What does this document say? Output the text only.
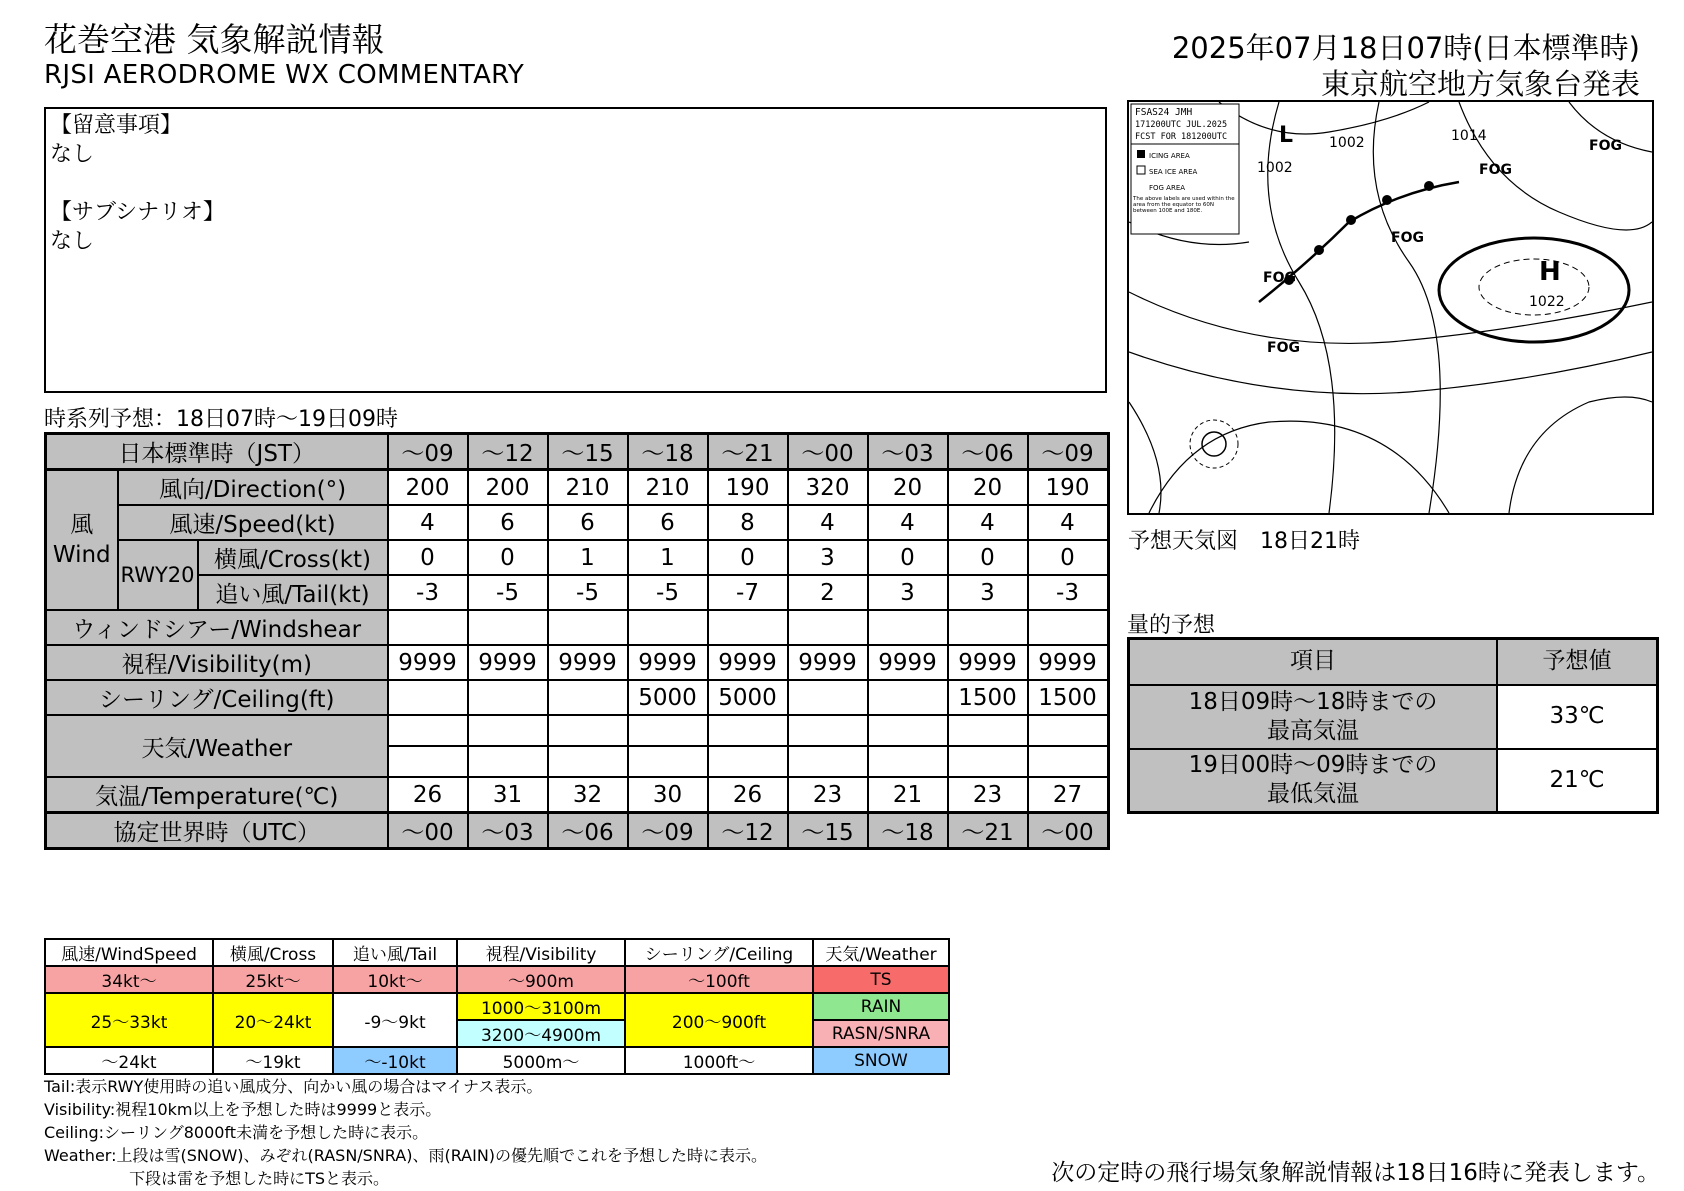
花巻空港 気象解説情報
RJSI AERODROME WX COMMENTARY
2025年07月18日07時(日本標準時)
東京航空地方気象台発表

【留意事項】

なし

【サブシナリオ】

なし

時系列予想：18日07時～19日09時
日本標準時（JST）			～09	～12	～15	～18	～21	～00	～03	～06	～09
風
Wind	風向/Direction(°)		200	200	210	210	190	320	20	20	190
	風速/Speed(kt)		4	6	6	6	8	4	4	4	4
	RWY20	横風/Cross(kt)	0	0	1	1	0	3	0	0	0
		追い風/Tail(kt)	-3	-5	-5	-5	-7	2	3	3	-3
ウィンドシアー/Windshear											
視程/Visibility(m)			9999	9999	9999	9999	9999	9999	9999	9999	9999
シーリング/Ceiling(ft)						5000	5000			1500	1500
天気/Weather											

気温/Temperature(℃)			26	31	32	30	26	23	21	23	27
協定世界時（UTC）			～00	～03	～06	～09	～12	～15	～18	～21	～00
ICING AREA
SEA ICE AREA
FOG AREA
The above labels are used within the area from the equator to 60N between 100E and 180E.
FSAS24 JMH
171200UTC JUL.2025
FCST FOR 181200UTC
H
1022
L	1002
1002
1014
FOG
FOG
FOG
FOG
FOG
予想天気図　18日21時
量的予想
項目	予想値

18日09時～18時までの
最高気温	33℃

19日00時～09時までの
最低気温	21℃
風速/WindSpeed	横風/Cross	追い風/Tail	視程/Visibility	シーリング/Ceiling	天気/Weather
34kt～	25kt～	10kt～	～900m	～100ft	TS
25～33kt	20～24kt	-9～9kt	1000～3100m	200～900ft	RAIN
			3200～4900m		RASN/SNRA
～24kt	～19kt	～-10kt	5000m～	1000ft～	SNOW
Tail:表示RWY使用時の追い風成分、向かい風の場合はマイナス表示。
Visibility:視程10km以上を予想した時は9999と表示。
Ceiling:シーリング8000ft未満を予想した時に表示。
Weather:上段は雪(SNOW)、みぞれ(RASN/SNRA)、雨(RAIN)の優先順でこれを予想した時に表示。
　　　　　 下段は雷を予想した時にTSと表示。	次の定時の飛行場気象解説情報は18日16時に発表します。
